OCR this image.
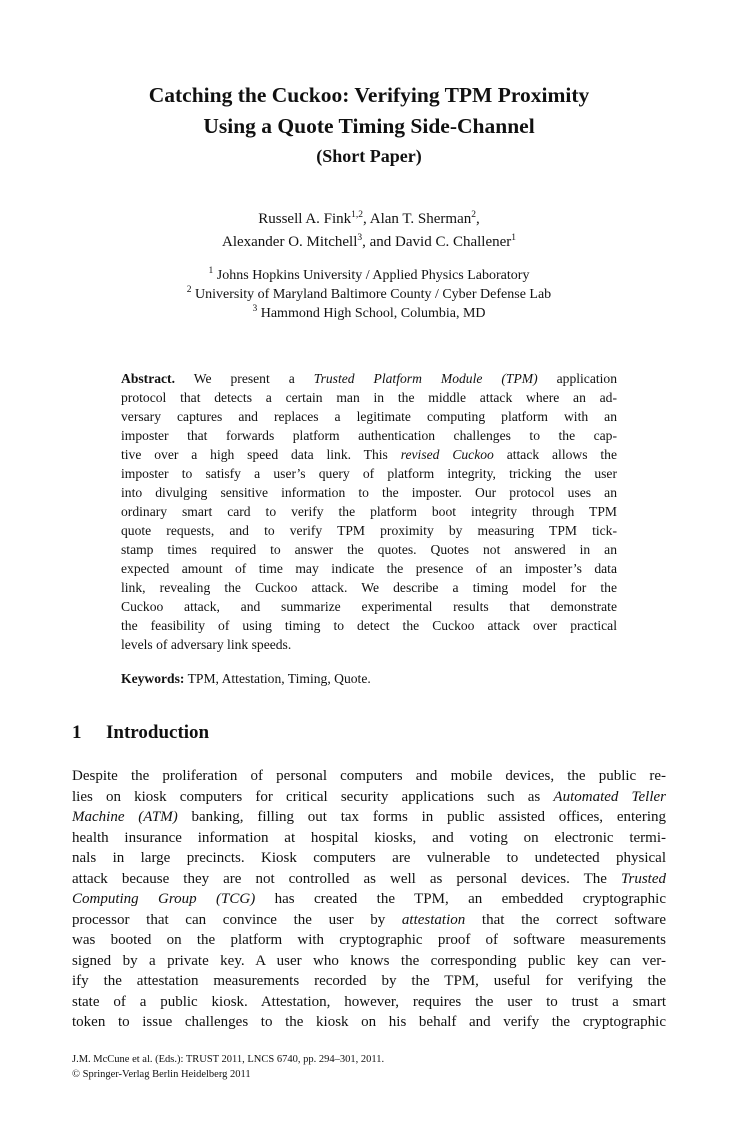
Catching the Cuckoo: Verifying TPM Proximity
Using a Quote Timing Side-Channel
(Short Paper)
Russell A. Fink$^{1,2}$, Alan T. Sherman$^2$,
Alexander O. Mitchell$^3$, and David C. Challener$^1$
$^1$ Johns Hopkins University / Applied Physics Laboratory
$^2$ University of Maryland Baltimore County / Cyber Defense Lab
$^3$ Hammond High School, Columbia, MD
Abstract. We present a Trusted Platform Module (TPM) application
protocol that detects a certain man in the middle attack where an ad-
versary captures and replaces a legitimate computing platform with an
imposter that forwards platform authentication challenges to the cap-
tive over a high speed data link. This revised Cuckoo attack allows the
imposter to satisfy a user’s query of platform integrity, tricking the user
into divulging sensitive information to the imposter. Our protocol uses an
ordinary smart card to verify the platform boot integrity through TPM
quote requests, and to verify TPM proximity by measuring TPM tick-
stamp times required to answer the quotes. Quotes not answered in an
expected amount of time may indicate the presence of an imposter’s data
link, revealing the Cuckoo attack. We describe a timing model for the
Cuckoo attack, and summarize experimental results that demonstrate
the feasibility of using timing to detect the Cuckoo attack over practical
levels of adversary link speeds.
Keywords: TPM, Attestation, Timing, Quote.
1 Introduction
Despite the proliferation of personal computers and mobile devices, the public re-
lies on kiosk computers for critical security applications such as Automated Teller
Machine (ATM) banking, filling out tax forms in public assisted offices, entering
health insurance information at hospital kiosks, and voting on electronic termi-
nals in large precincts. Kiosk computers are vulnerable to undetected physical
attack because they are not controlled as well as personal devices. The Trusted
Computing Group (TCG) has created the TPM, an embedded cryptographic
processor that can convince the user by attestation that the correct software
was booted on the platform with cryptographic proof of software measurements
signed by a private key. A user who knows the corresponding public key can ver-
ify the attestation measurements recorded by the TPM, useful for verifying the
state of a public kiosk. Attestation, however, requires the user to trust a smart
token to issue challenges to the kiosk on his behalf and verify the cryptographic
J.M. McCune et al. (Eds.): TRUST 2011, LNCS 6740, pp. 294–301, 2011.
© Springer-Verlag Berlin Heidelberg 2011
